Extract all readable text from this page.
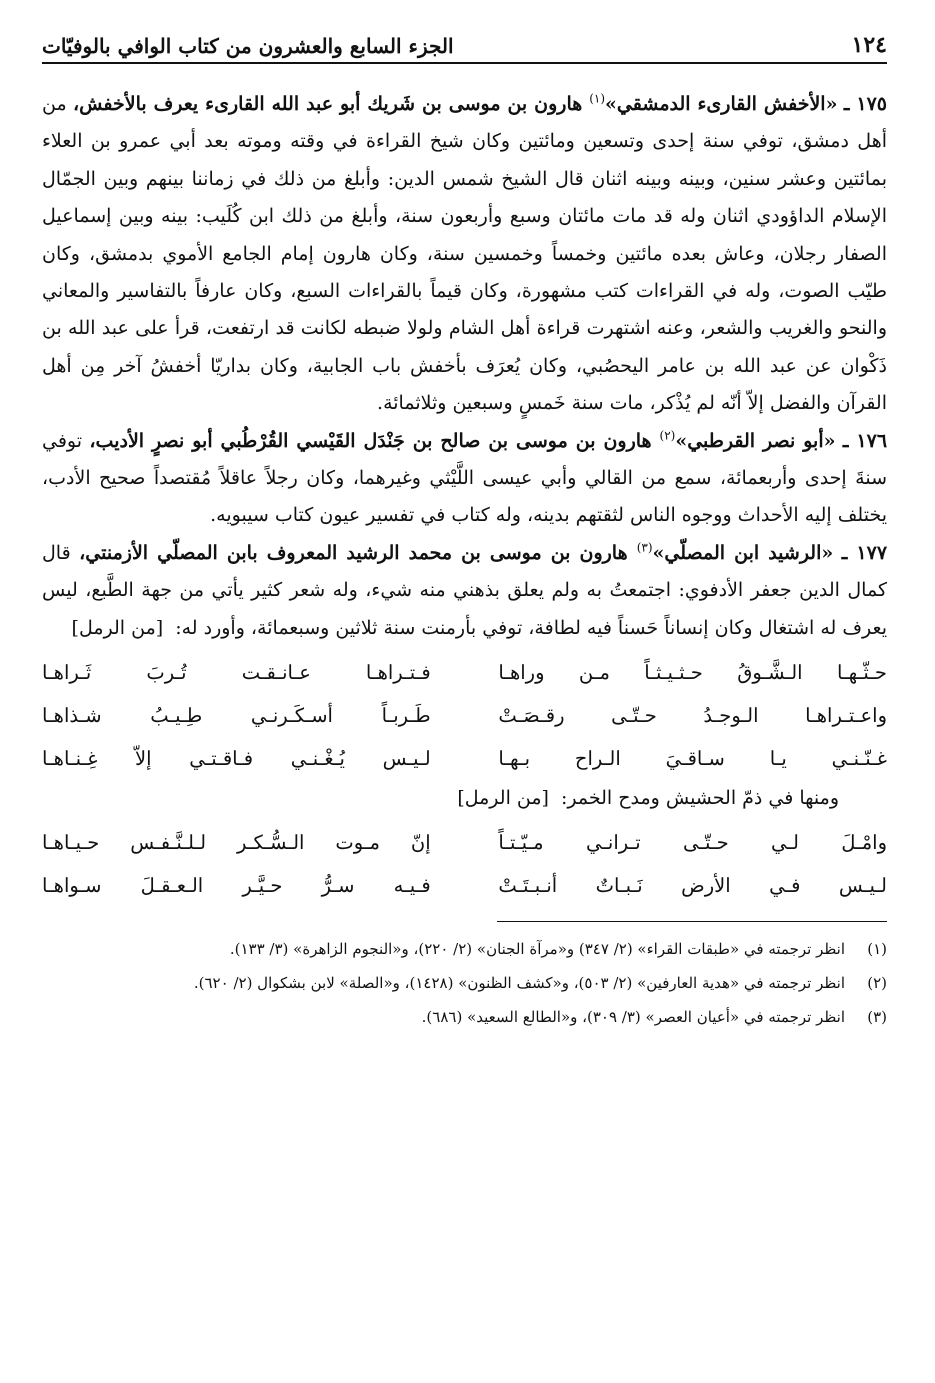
١٢٤
الجزء السابع والعشرون من كتاب الوافي بالوفيّات

١٧٥ ـ «الأخفش القارىء الدمشقي»$^{(١)}$ هارون بن موسى بن شَريك أبو عبد الله القارىء يعرف بالأخفش، من أهل دمشق، توفي سنة إحدى وتسعين ومائتين وكان شيخ القراءة في وقته وموته بعد أبي عمرو بن العلاء بمائتين وعشر سنين، وبينه وبينه اثنان قال الشيخ شمس الدين: وأبلغ من ذلك في زماننا بينهم وبين الجمّال الإسلام الداؤودي اثنان وله قد مات مائتان وسبع وأربعون سنة، وأبلغ من ذلك ابن كُلَيب: بينه وبين إسماعيل الصفار رجلان، وعاش بعده مائتين وخمساً وخمسين سنة، وكان هارون إمام الجامع الأموي بدمشق، وكان طيّب الصوت، وله في القراءات كتب مشهورة، وكان قيماً بالقراءات السبع، وكان عارفاً بالتفاسير والمعاني والنحو والغريب والشعر، وعنه اشتهرت قراءة أهل الشام ولولا ضبطه لكانت قد ارتفعت، قرأ على عبد الله بن ذَكْوان عن عبد الله بن عامر اليحصُبي، وكان يُعرَف بأخفش باب الجابية، وكان بداريّا أخفشُ آخر مِن أهل القرآن والفضل إلاّ أنّه لم يُذْكر، مات سنة خَمسٍ وسبعين وثلاثمائة.

١٧٦ ـ «أبو نصر القرطبي»$^{(٢)}$ هارون بن موسى بن صالح بن جَنْدَل القَيْسي القُرْطُبي أبو نصرٍ الأديب، توفي سنةَ إحدى وأربعمائة، سمع من القالي وأبي عيسى اللَّيْثي وغيرهما، وكان رجلاً عاقلاً مُقتصداً صحيح الأدب، يختلف إليه الأحداث ووجوه الناس لثقتهم بدينه، وله كتاب في تفسير عيون كتاب سيبويه.

١٧٧ ـ «الرشيد ابن المصلّي»$^{(٣)}$ هارون بن موسى بن محمد الرشيد المعروف بابن المصلّي الأزمنتي، قال كمال الدين جعفر الأدفوي: اجتمعتُ به ولم يعلق بذهني منه شيء، وله شعر كثير يأتي من جهة الطَّبع، ليس يعرف له اشتغال وكان إنساناً حَسناً فيه لطافة، توفي بأرمنت سنة ثلاثين وسبعمائة، وأورد له: [من الرمل]

حـثّـهـا الـشَّـوقُ حـثـيـثـاً مـن وراهـا
فـتـراهـا عـانـقـت تُـربَ ثَـراهـا
واعـتـراهـا الـوجـدُ حـتّـى رقـصَـتْ
طَـربـاً أسـكَـرنـي طِـيـبُ شـذاهـا
غـنّـنـي يـا سـاقـيَ الـراح بـهـا
لـيـس يُـغْـنـي فـاقـتـي إلاّ غِـنـاهـا
ومنها في ذمّ الحشيش ومدح الخمر: [من الرمل]
وامْـلَ لـي حـتّـى تـرانـي مـيّـتـاً
إنّ مـوت الـسُّـكـر لـلـنَّـفـس حـيـاهـا
لـيـس فـي الأرض نَـبـاتٌ أنـبـتَـتْ
فـيـه سـرُّ حـيَّـر الـعـقـلَ سـواهـا
(١)
انظر ترجمته في «طبقات القراء» (٢/ ٣٤٧) و«مرآة الجنان» (٢/ ٢٢٠)، و«النجوم الزاهرة» (٣/ ١٣٣).
(٢)
انظر ترجمته في «هدية العارفين» (٢/ ٥٠٣)، و«كشف الظنون» (١٤٢٨)، و«الصلة» لابن بشكوال (٢/ ٦٢٠).
(٣)
انظر ترجمته في «أعيان العصر» (٣/ ٣٠٩)، و«الطالع السعيد» (٦٨٦).
